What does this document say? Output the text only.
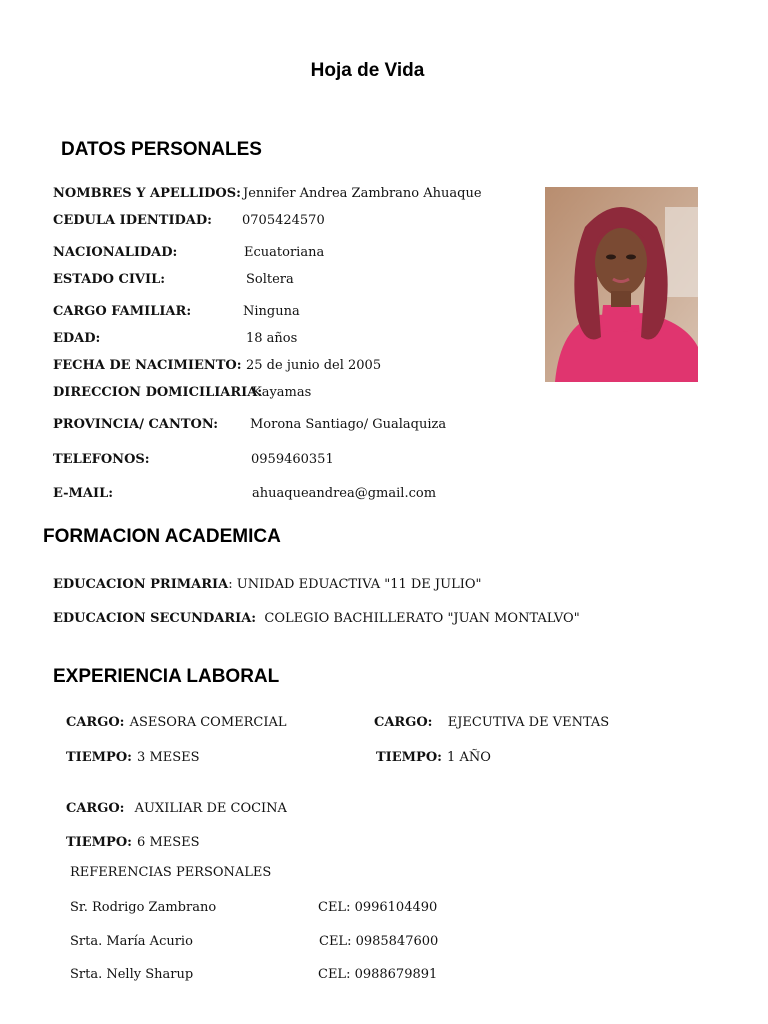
Hoja de Vida
DATOS PERSONALES
NOMBRES Y APELLIDOS: Jennifer Andrea Zambrano Ahuaque
CEDULA IDENTIDAD: 0705424570
NACIONALIDAD:	Ecuatoriana
ESTADO CIVIL:	Soltera
CARGO FAMILIAR:	Ninguna
EDAD:	18 años
FECHA DE NACIMIENTO: 25 de junio del 2005
DIRECCION DOMICILIARIA:
Kayamas
PROVINCIA/ CANTON: Morona Santiago/ Gualaquiza
TELEFONOS:	0959460351
E-MAIL:	ahuaqueandrea@gmail.com
FORMACION ACADEMICA
EDUCACION PRIMARIA: UNIDAD EDUACTIVA "11 DE JULIO"
EDUCACION SECUNDARIA: COLEGIO BACHILLERATO "JUAN MONTALVO"
EXPERIENCIA LABORAL
CARGO: ASESORA COMERCIAL	CARGO: EJECUTIVA DE VENTAS
TIEMPO: 3 MESES	TIEMPO: 1 AÑO
CARGO: AUXILIAR DE COCINA
TIEMPO: 6 MESES
REFERENCIAS PERSONALES
Sr. Rodrigo Zambrano	CEL: 0996104490
Srta. María Acurio	CEL: 0985847600
Srta. Nelly Sharup	CEL: 0988679891
